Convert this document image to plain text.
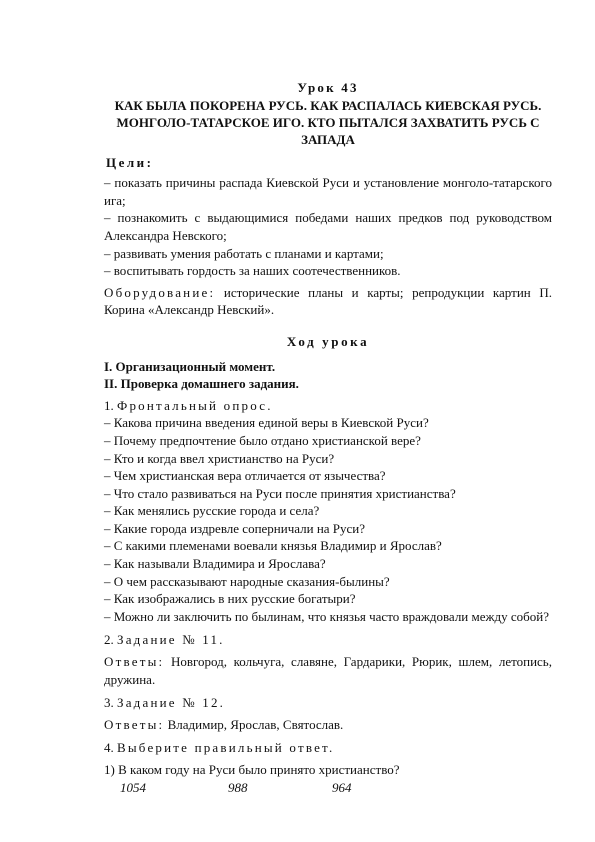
Урок 43

КАК БЫЛА ПОКОРЕНА РУСЬ. КАК РАСПАЛАСЬ КИЕВСКАЯ РУСЬ. МОНГОЛО-ТАТАРСКОЕ ИГО. КТО ПЫТАЛСЯ ЗАХВАТИТЬ РУСЬ С ЗАПАДА

Цели:

– показать причины распада Киевской Руси и установление монголо-татарского ига;

– познакомить с выдающимися победами наших предков под руководством Александра Невского;

– развивать умения работать с планами и картами;

– воспитывать гордость за наших соотечественников.

Оборудование: исторические планы и карты; репродукции картин П. Корина «Александр Невский».

Ход урока

I. Организационный момент.

II. Проверка домашнего задания.

1. Фронтальный опрос.

– Какова причина введения единой веры в Киевской Руси?

– Почему предпочтение было отдано христианской вере?

– Кто и когда ввел христианство на Руси?

– Чем христианская вера отличается от язычества?

– Что стало развиваться на Руси после принятия христианства?

– Как менялись русские города и села?

– Какие города издревле соперничали на Руси?

– С какими племенами воевали князья Владимир и Ярослав?

– Как называли Владимира и Ярослава?

– О чем рассказывают народные сказания-былины?

– Как изображались в них русские богатыри?

– Можно ли заключить по былинам, что князья часто враждовали между собой?

2. Задание № 11.

Ответы: Новгород, кольчуга, славяне, Гардарики, Рюрик, шлем, летопись, дружина.

3. Задание № 12.

Ответы: Владимир, Ярослав, Святослав.

4. Выберите правильный ответ.

1) В каком году на Руси было принято христианство?

1054	988	964
